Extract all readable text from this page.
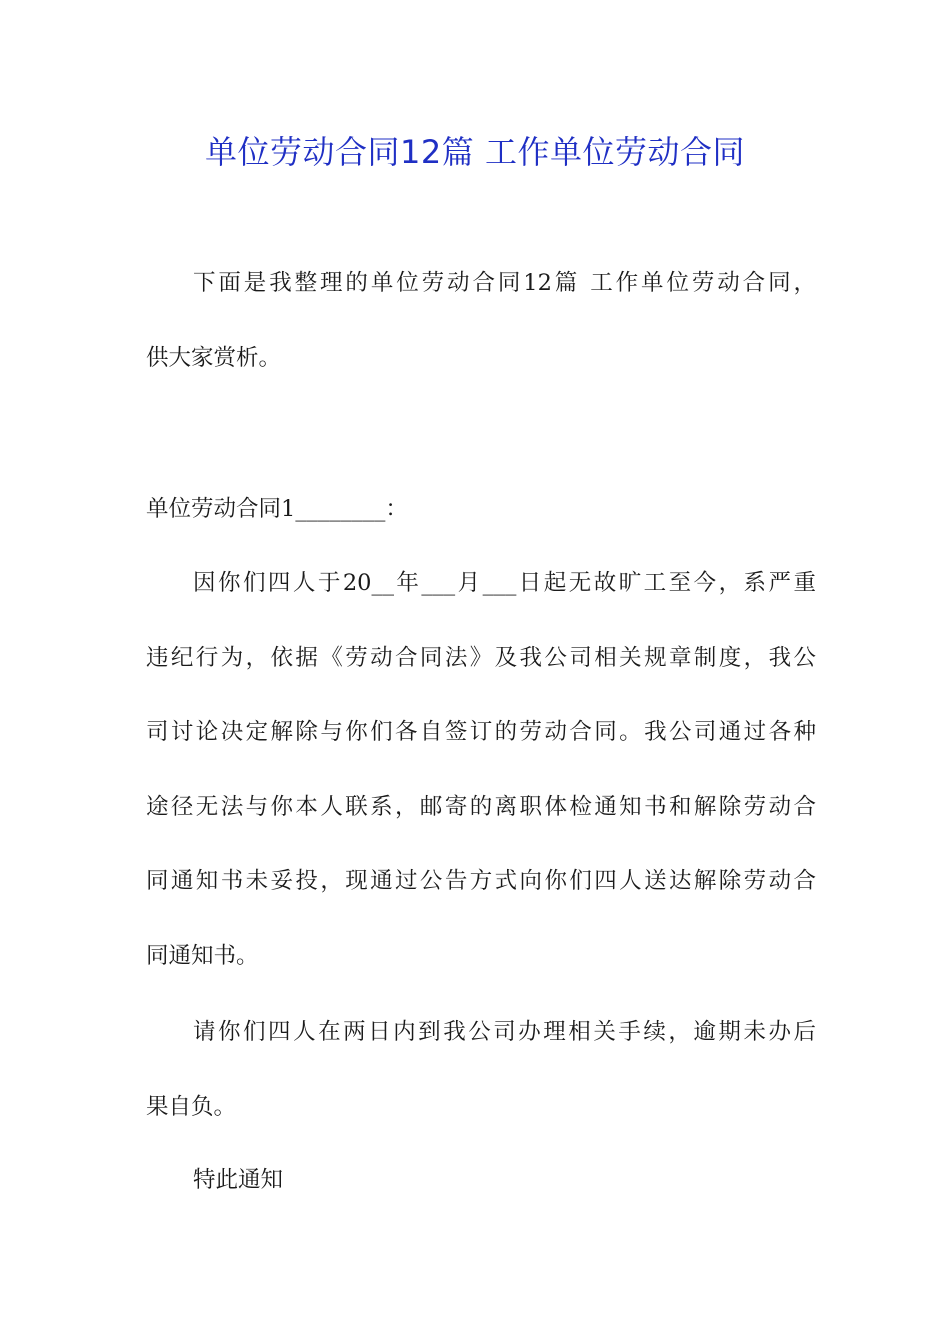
单位劳动合同12篇 工作单位劳动合同
下面是我整理的单位劳动合同12篇 工作单位劳动合同，
供大家赏析。
单位劳动合同1________：
因你们四人于20__年___月___日起无故旷工至今，系严重
违纪行为，依据《劳动合同法》及我公司相关规章制度，我公
司讨论决定解除与你们各自签订的劳动合同。我公司通过各种
途径无法与你本人联系，邮寄的离职体检通知书和解除劳动合
同通知书未妥投，现通过公告方式向你们四人送达解除劳动合
同通知书。
请你们四人在两日内到我公司办理相关手续，逾期未办后
果自负。
特此通知
